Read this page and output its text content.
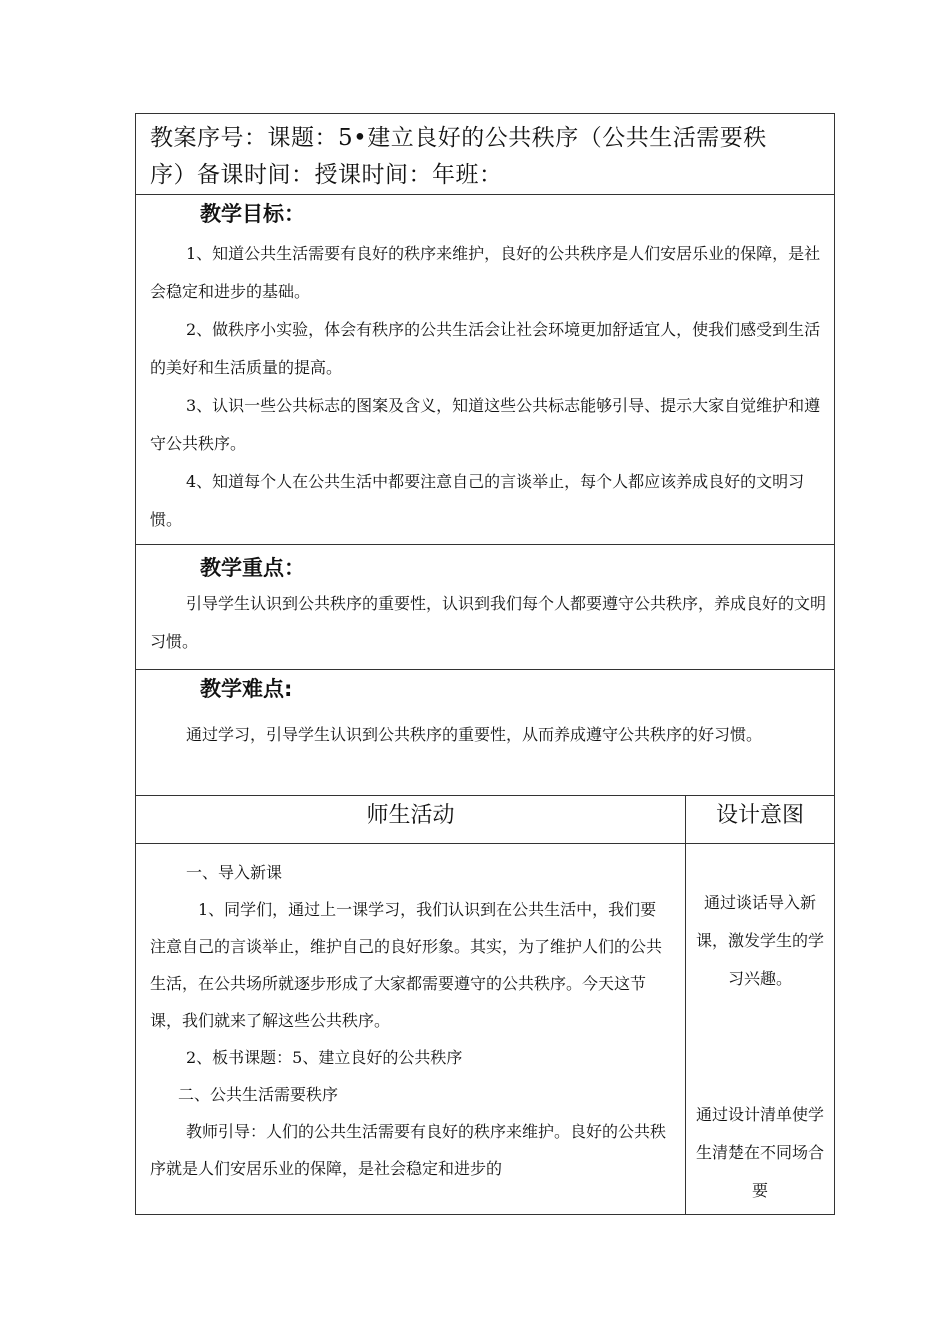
教案序号：课题：5•建立良好的公共秩序（公共生活需要秩
序）备课时间：授课时间：年班：
教学目标：

1、知道公共生活需要有良好的秩序来维护，良好的公共秩序是人们安居乐业的保障，是社会稳定和进步的基础。

2、做秩序小实验，体会有秩序的公共生活会让社会环境更加舒适宜人，使我们感受到生活的美好和生活质量的提高。

3、认识一些公共标志的图案及含义，知道这些公共标志能够引导、提示大家自觉维护和遵守公共秩序。

4、知道每个人在公共生活中都要注意自己的言谈举止，每个人都应该养成良好的文明习惯。

教学重点：

引导学生认识到公共秩序的重要性，认识到我们每个人都要遵守公共秩序，养成良好的文明习惯。

教学难点:

通过学习，引导学生认识到公共秩序的重要性，从而养成遵守公共秩序的好习惯。

师生活动	设计意图

一、导入新课

1、同学们，通过上一课学习，我们认识到在公共生活中，我们要注意自己的言谈举止，维护自己的良好形象。其实，为了维护人们的公共生活，在公共场所就逐步形成了大家都需要遵守的公共秩序。今天这节课，我们就来了解这些公共秩序。

2、板书课题：5、建立良好的公共秩序

二、公共生活需要秩序

教师引导：人们的公共生活需要有良好的秩序来维护。良好的公共秩序就是人们安居乐业的保障，是社会稳定和进步的

通过谈话导入新课，激发学生的学习兴趣。

通过设计清单使学生清楚在不同场合要
